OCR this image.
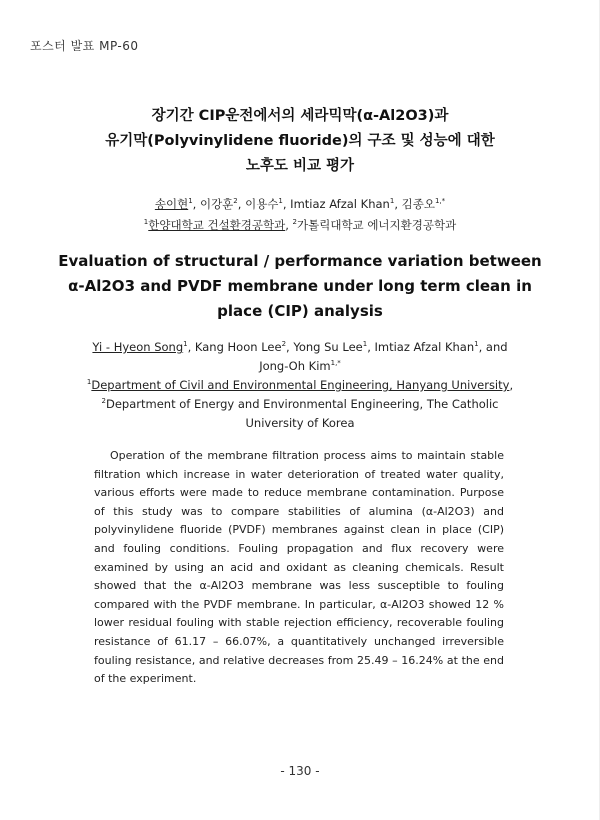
포스터 발표 MP-60
장기간 CIP운전에서의 세라믹막(α-Al2O3)과
유기막(Polyvinylidene fluoride)의 구조 및 성능에 대한
노후도 비교 평가
송이현$^1$, 이강훈$^2$, 이용수$^1$, Imtiaz Afzal Khan$^1$, 김종오$^{1,*}$
$^1$한양대학교 건설환경공학과, $^2$가톨릭대학교 에너지환경공학과
Evaluation of structural / performance variation between
α-Al2O3 and PVDF membrane under long term clean in
place (CIP) analysis
Yi - Hyeon Song$^1$, Kang Hoon Lee$^2$, Yong Su Lee$^1$, Imtiaz Afzal Khan$^1$, and
Jong-Oh Kim$^{1,*}$
$^1$Department of Civil and Environmental Engineering, Hanyang University,
$^2$Department of Energy and Environmental Engineering, The Catholic
University of Korea

Operation of the membrane filtration process aims to maintain stable filtration which increase in water deterioration of treated water quality, various efforts were made to reduce membrane contamination. Purpose of this study was to compare stabilities of alumina (α-Al2O3) and polyvinylidene fluoride (PVDF) membranes against clean in place (CIP) and fouling conditions. Fouling propagation and flux recovery were examined by using an acid and oxidant as cleaning chemicals. Result showed that the α-Al2O3 membrane was less susceptible to fouling compared with the PVDF membrane. In particular, α-Al2O3 showed 12 % lower residual fouling with stable rejection efficiency, recoverable fouling resistance of 61.17 – 66.07%, a quantitatively unchanged irreversible fouling resistance, and relative decreases from 25.49 – 16.24% at the end of the experiment.

- 130 -
